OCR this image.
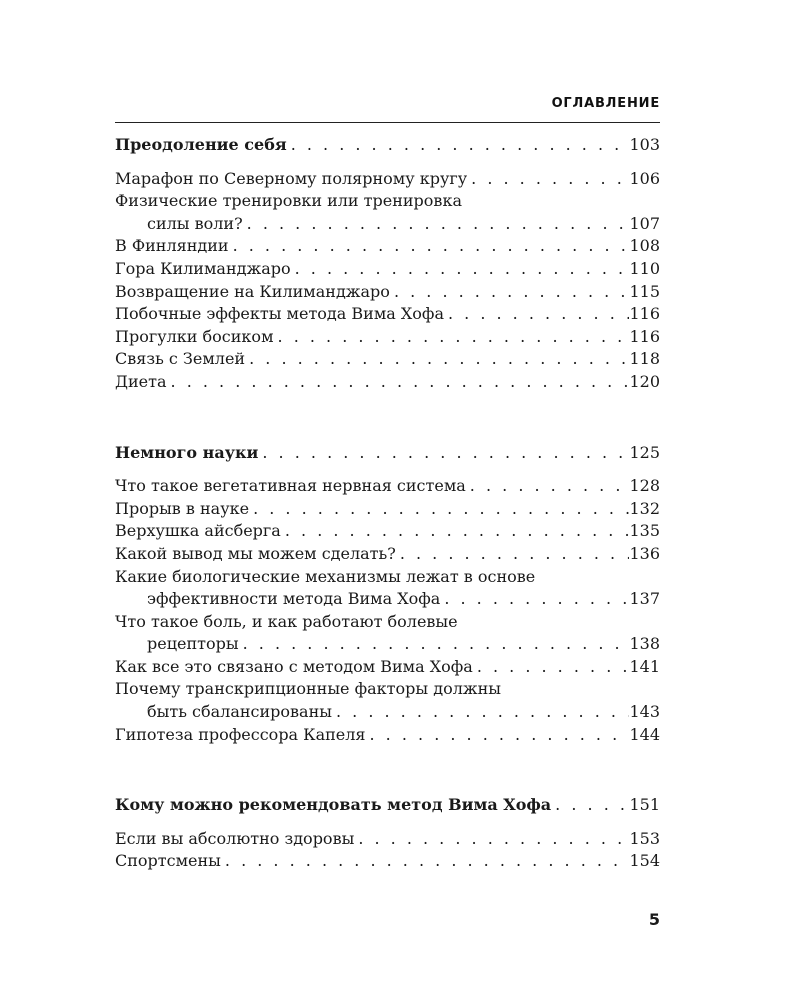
ОГЛАВЛЕНИЕ
Преодоление себя . . .	103
Марафон по Северному полярному кругу . . .	106
Физические тренировки или тренировка
силы воли? . . .	107
В Финляндии . . .	108
Гора Килиманджаро . . .	110
Возвращение на Килиманджаро . . .	115
Побочные эффекты метода Вима Хофа . . .	116
Прогулки босиком . . .	116
Связь с Землей . . .	118
Диета . . .	120
Немного науки . . .	125
Что такое вегетативная нервная система . . .	128
Прорыв в науке . . .	132
Верхушка айсберга . . .	135
Какой вывод мы можем сделать? . . .	136
Какие биологические механизмы лежат в основе
эффективности метода Вима Хофа . . .	137
Что такое боль, и как работают болевые
рецепторы . . .	138
Как все это связано с методом Вима Хофа . . .	141
Почему транскрипционные факторы должны
быть сбалансированы . . .	143
Гипотеза профессора Капеля . . .	144
Кому можно рекомендовать метод Вима Хофа . . .	151
Если вы абсолютно здоровы . . .	153
Спортсмены . . .	154
5
